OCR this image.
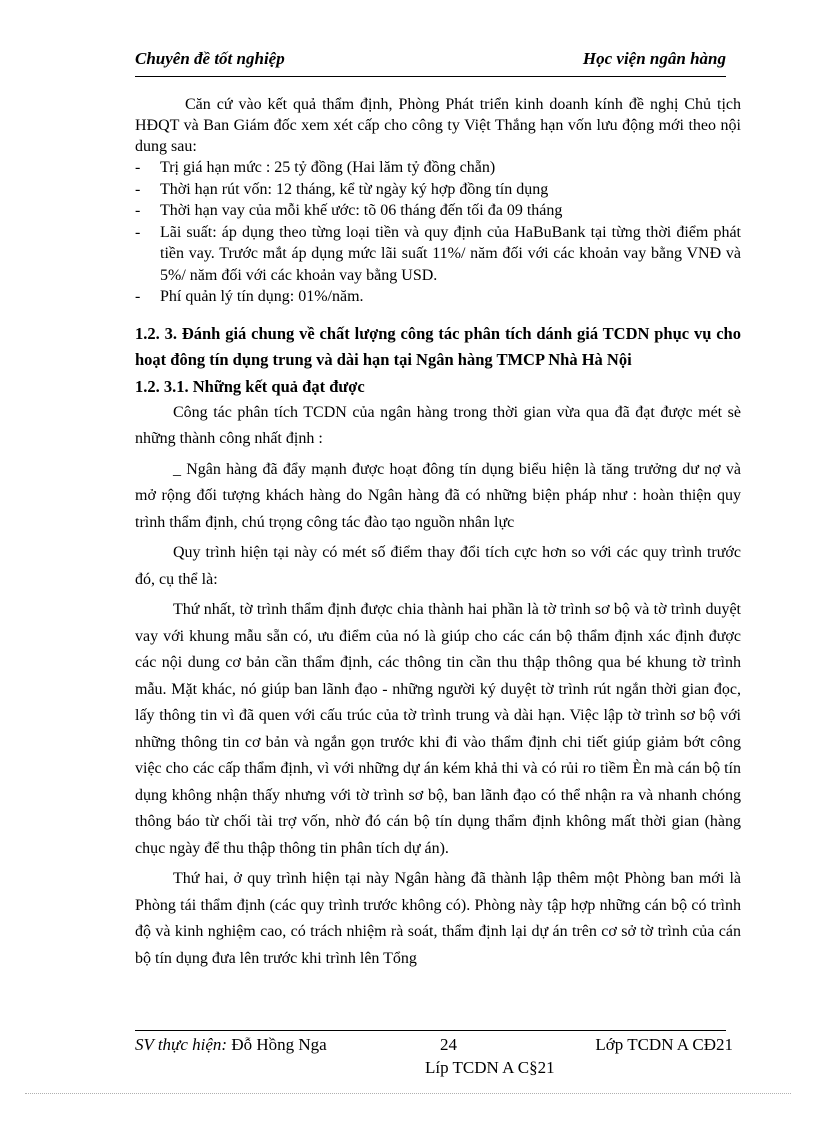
Chuyên đề tốt nghiệp	Học viện ngân hàng

Căn cứ vào kết quả thẩm định, Phòng Phát triển kinh doanh kính đề nghị Chủ tịch HĐQT và Ban Giám đốc xem xét cấp cho công ty Việt Thắng hạn vốn lưu động mới theo nội dung sau:

- Trị giá hạn mức : 25 tỷ đồng (Hai lăm tỷ đồng chẵn)
- Thời hạn rút vốn: 12 tháng, kể từ ngày ký hợp đồng tín dụng
- Thời hạn vay của mỗi khế ước: tõ 06 tháng đến tối đa 09 tháng
- Lãi suất: áp dụng theo từng loại tiền và quy định của HaBuBank tại từng thời điểm phát tiền vay. Trước mắt áp dụng mức lãi suất 11%/ năm đối với các khoản vay bằng VNĐ và 5%/ năm đối với các khoản vay bằng USD.
- Phí quản lý tín dụng: 01%/năm.

1.2. 3. Đánh giá chung về chất lượng công tác phân tích dánh giá TCDN phục vụ cho hoạt đông tín dụng trung và dài hạn tại Ngân hàng TMCP Nhà Hà Nội

1.2. 3.1. Những kết quả đạt được

Công tác phân tích TCDN của ngân hàng trong thời gian vừa qua đã đạt được mét sè những thành công nhất định :

_ Ngân hàng đã đẩy mạnh được hoạt đông tín dụng biểu hiện là tăng trưởng dư nợ và mở rộng đối tượng khách hàng do Ngân hàng đã có những biện pháp như : hoàn thiện quy trình thẩm định, chú trọng công tác đào tạo nguồn nhân lực

Quy trình hiện tại này có mét số điểm thay đổi tích cực hơn so với các quy trình trước đó, cụ thể là:

Thứ nhất, tờ trình thẩm định được chia thành hai phần là tờ trình sơ bộ và tờ trình duyệt vay với khung mẫu sẵn có, ưu điểm của nó là giúp cho các cán bộ thẩm định xác định được các nội dung cơ bản cần thẩm định, các thông tin cần thu thập thông qua bé khung tờ trình mẫu. Mặt khác, nó giúp ban lãnh đạo - những người ký duyệt tờ trình rút ngắn thời gian đọc, lấy thông tin vì đã quen với cấu trúc của tờ trình trung và dài hạn. Việc lập tờ trình sơ bộ với những thông tin cơ bản và ngắn gọn trước khi đi vào thẩm định chi tiết giúp giảm bớt công việc cho các cấp thẩm định, vì với những dự án kém khả thi và có rủi ro tiềm Èn mà cán bộ tín dụng không nhận thấy nhưng với tờ trình sơ bộ, ban lãnh đạo có thể nhận ra và nhanh chóng thông báo từ chối tài trợ vốn, nhờ đó cán bộ tín dụng thẩm định không mất thời gian (hàng chục ngày để thu thập thông tin phân tích dự án).

Thứ hai, ở quy trình hiện tại này Ngân hàng đã thành lập thêm một Phòng ban mới là Phòng tái thẩm định (các quy trình trước không có). Phòng này tập hợp những cán bộ có trình độ và kinh nghiệm cao, có trách nhiệm rà soát, thẩm định lại dự án trên cơ sở tờ trình của cán bộ tín dụng đưa lên trước khi trình lên Tổng

SV thực hiện: Đỗ Hồng Nga	24	Lớp TCDN A CĐ21
Líp TCDN A C§21
